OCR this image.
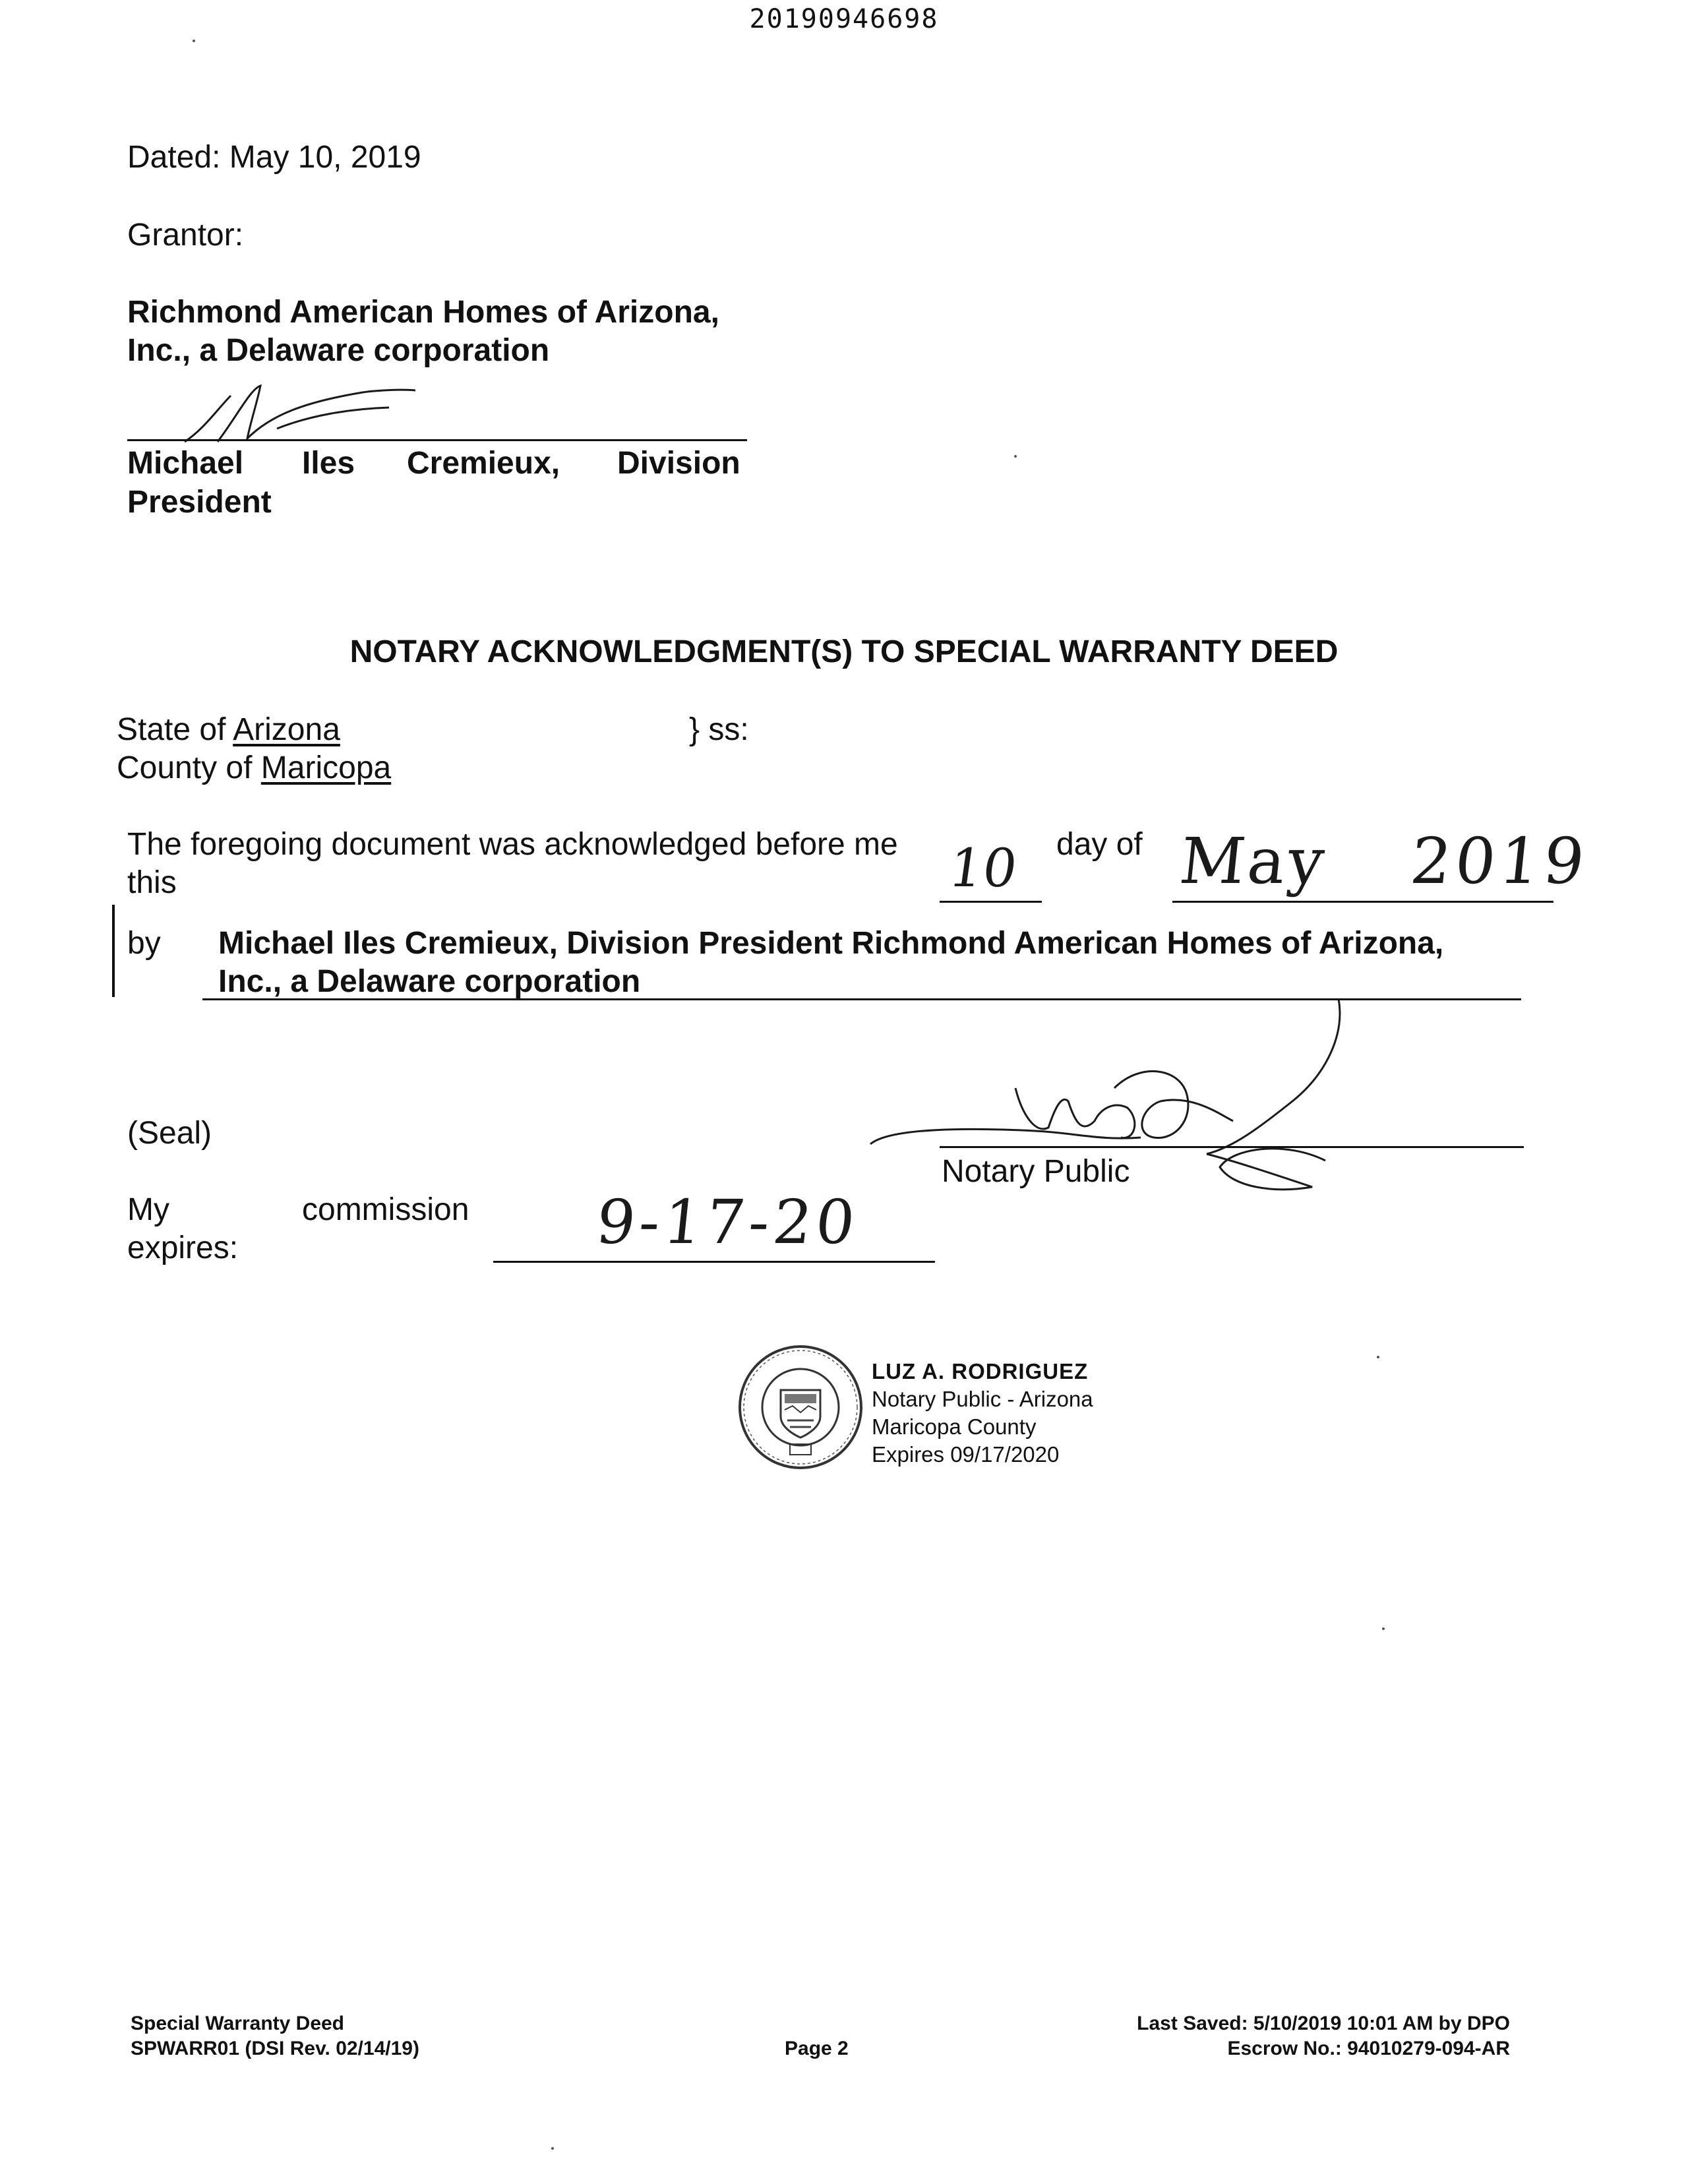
20190946698
Dated: May 10, 2019
Grantor:
Richmond American Homes of Arizona,
Inc., a Delaware corporation
Michael Iles Cremieux, Division
President
NOTARY ACKNOWLEDGMENT(S) TO SPECIAL WARRANTY DEED
State of Arizona	} ss:
County of Maricopa
The foregoing document was acknowledged before me
this
day of
10 May 2019
by Michael Iles Cremieux, Division President Richmond American Homes of Arizona,
Inc., a Delaware corporation
(Seal)
Notary Public
My	commission
expires:	9-17-20
LUZ A. RODRIGUEZ
Notary Public - Arizona
Maricopa County
Expires 09/17/2020
Special Warranty Deed
SPWARR01 (DSI Rev. 02/14/19)	Page 2
Last Saved: 5/10/2019 10:01 AM by DPO
Escrow No.: 94010279-094-AR
